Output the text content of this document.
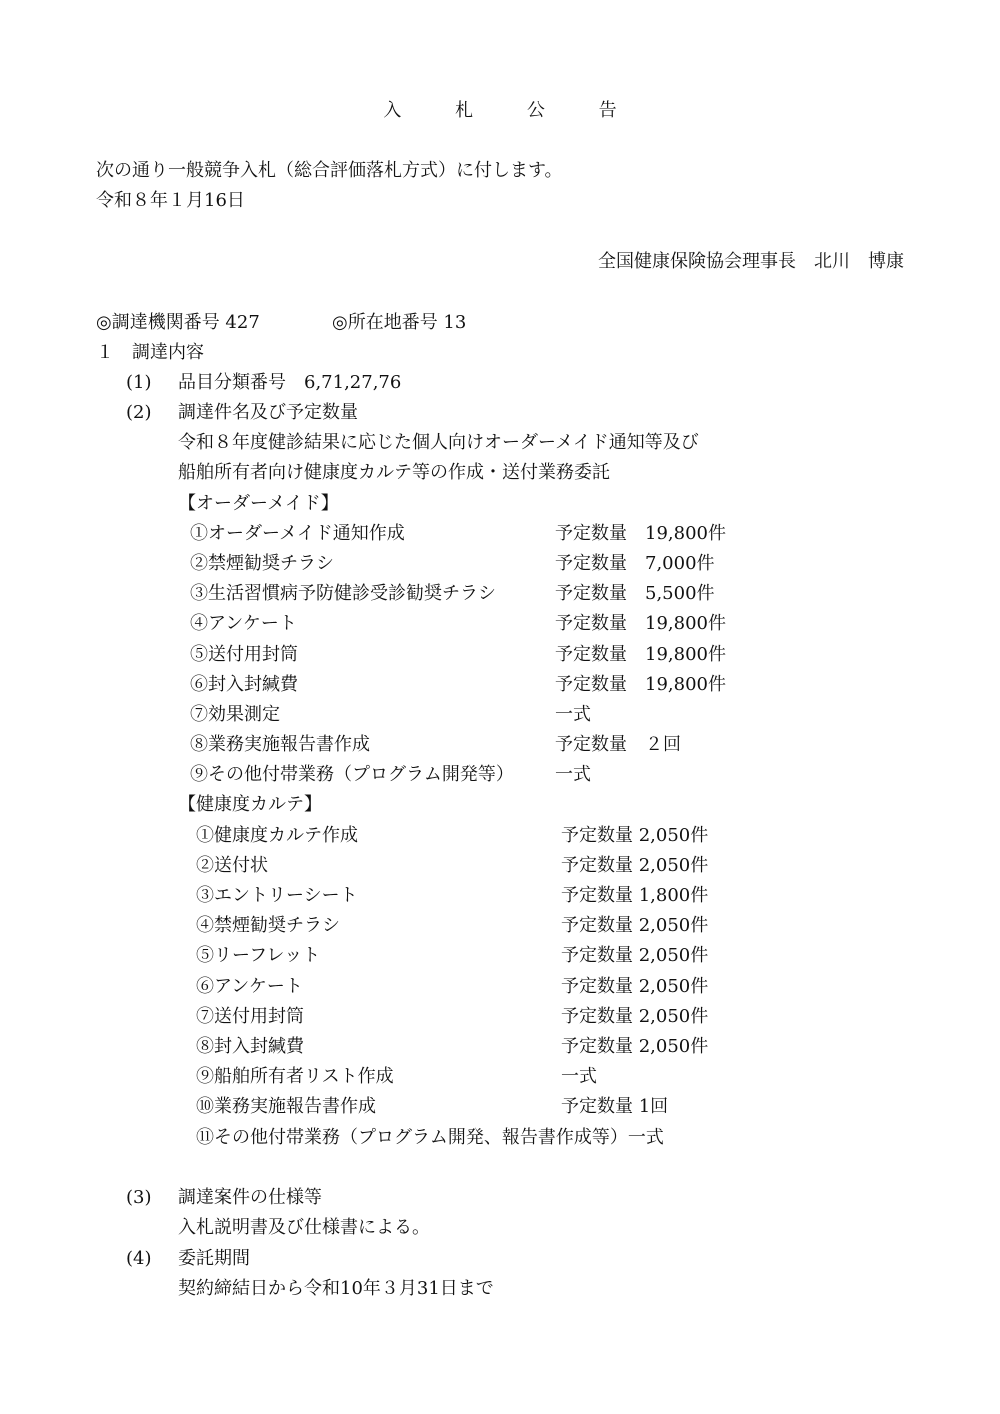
入 札 公 告
次の通り一般競争入札（総合評価落札方式）に付します。
令和８年１月16日
全国健康保険協会理事長　北川　博康
◎調達機関番号 427	◎所在地番号 13
１　調達内容
(1) 品目分類番号　6,71,27,76
(2) 調達件名及び予定数量
令和８年度健診結果に応じた個人向けオーダーメイド通知等及び
船舶所有者向け健康度カルテ等の作成・送付業務委託
【オーダーメイド】
①オーダーメイド通知作成	予定数量　19,800件
②禁煙勧奨チラシ	予定数量　7,000件
③生活習慣病予防健診受診勧奨チラシ	予定数量　5,500件
④アンケート	予定数量　19,800件
⑤送付用封筒	予定数量　19,800件
⑥封入封緘費	予定数量　19,800件
⑦効果測定	一式
⑧業務実施報告書作成	予定数量　２回
⑨その他付帯業務（プログラム開発等） 一式
【健康度カルテ】
①健康度カルテ作成	予定数量 2,050件
②送付状	予定数量 2,050件
③エントリーシート	予定数量 1,800件
④禁煙勧奨チラシ	予定数量 2,050件
⑤リーフレット	予定数量 2,050件
⑥アンケート	予定数量 2,050件
⑦送付用封筒	予定数量 2,050件
⑧封入封緘費	予定数量 2,050件
⑨船舶所有者リスト作成	一式
⑩業務実施報告書作成	予定数量 1回
⑪その他付帯業務（プログラム開発、報告書作成等）一式
(3) 調達案件の仕様等
入札説明書及び仕様書による。
(4) 委託期間
契約締結日から令和10年３月31日まで
